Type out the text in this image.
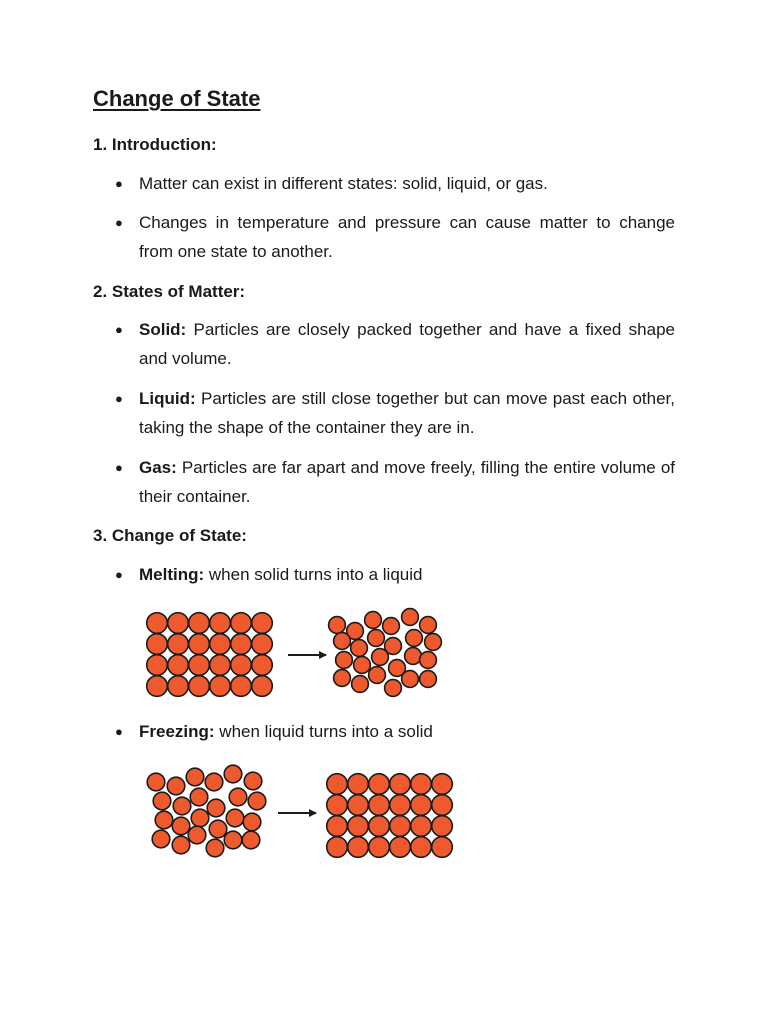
Change of State
1. Introduction:
● Matter can exist in different states: solid, liquid, or gas.
● Changes in temperature and pressure can cause matter to change from one state to another.
2. States of Matter:
● Solid: Particles are closely packed together and have a fixed shape and volume.
● Liquid: Particles are still close together but can move past each other, taking the shape of the container they are in.
● Gas: Particles are far apart and move freely, filling the entire volume of their container.
3. Change of State:
● Melting: when solid turns into a liquid
● Freezing: when liquid turns into a solid
